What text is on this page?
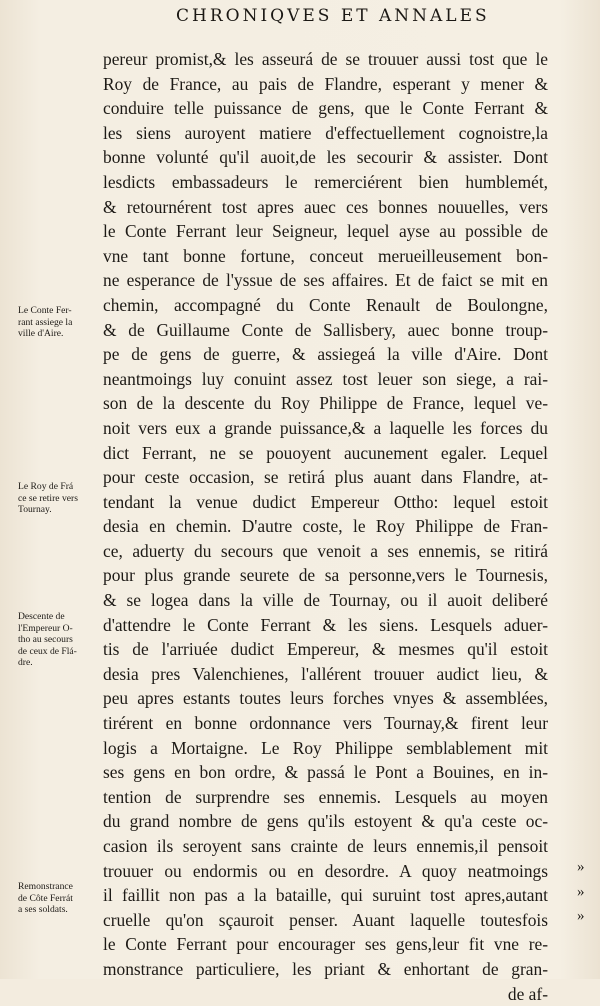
CHRONIQVES ET ANNALES
Le Conte Fer-
rant assiege la
ville d'Aire.
Le Roy de Frá
ce se retire vers
Tournay.
Descente de
l'Empereur O-
tho au secours
de ceux de Flá-
dre.
Remonstrance
de Côte Ferrát
a ses soldats.
pereur promist,& les asseurá de se trouuer aussi tost que le
Roy de France, au pais de Flandre, esperant y mener &
conduire telle puissance de gens, que le Conte Ferrant &
les siens auroyent matiere d'effectuellement cognoistre,la
bonne volunté qu'il auoit,de les secourir & assister. Dont
lesdicts embassadeurs le remerciérent bien humblemét,
& retournérent tost apres auec ces bonnes nouuelles, vers
le Conte Ferrant leur Seigneur, lequel ayse au possible de
vne tant bonne fortune, conceut merueilleusement bon-
ne esperance de l'yssue de ses affaires. Et de faict se mit en
chemin, accompagné du Conte Renault de Boulongne,
& de Guillaume Conte de Sallisbery, auec bonne troup-
pe de gens de guerre, & assiegeá la ville d'Aire. Dont
neantmoings luy conuint assez tost leuer son siege, a rai-
son de la descente du Roy Philippe de France, lequel ve-
noit vers eux a grande puissance,& a laquelle les forces du
dict Ferrant, ne se pouoyent aucunement egaler. Lequel
pour ceste occasion, se retirá plus auant dans Flandre, at-
tendant la venue dudict Empereur Ottho: lequel estoit
desia en chemin. D'autre coste, le Roy Philippe de Fran-
ce, aduerty du secours que venoit a ses ennemis, se ritirá
pour plus grande seurete de sa personne,vers le Tournesis,
& se logea dans la ville de Tournay, ou il auoit deliberé
d'attendre le Conte Ferrant & les siens. Lesquels aduer-
tis de l'arriuée dudict Empereur, & mesmes qu'il estoit
desia pres Valenchienes, l'allérent trouuer audict lieu, &
peu apres estants toutes leurs forches vnyes & assemblées,
tirérent en bonne ordonnance vers Tournay,& firent leur
logis a Mortaigne. Le Roy Philippe semblablement mit
ses gens en bon ordre, & passá le Pont a Bouines, en in-
tention de surprendre ses ennemis. Lesquels au moyen
du grand nombre de gens qu'ils estoyent & qu'a ceste oc-
casion ils seroyent sans crainte de leurs ennemis,il pensoit
trouuer ou endormis ou en desordre. A quoy neatmoings
il faillit non pas a la bataille, qui suruint tost apres,autant
cruelle qu'on sçauroit penser. Auant laquelle toutesfois
le Conte Ferrant pour encourager ses gens,leur fit vne re-
monstrance particuliere, les priant & enhortant de gran-
de af-
»
»
»
